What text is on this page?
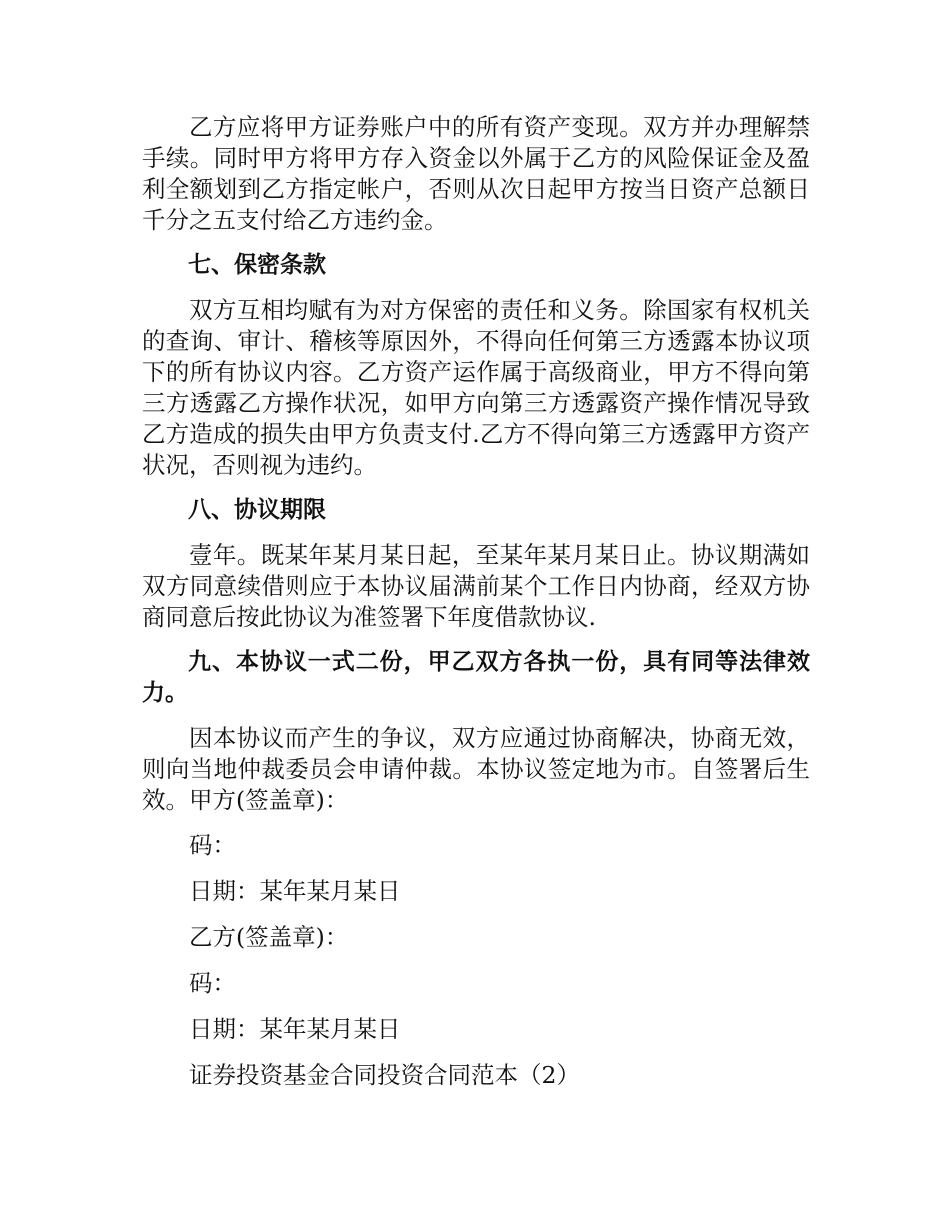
乙方应将甲方证券账户中的所有资产变现。双方并办理解禁手续。同时甲方将甲方存入资金以外属于乙方的风险保证金及盈利全额划到乙方指定帐户，否则从次日起甲方按当日资产总额日千分之五支付给乙方违约金。

七、保密条款

双方互相均赋有为对方保密的责任和义务。除国家有权机关的查询、审计、稽核等原因外，不得向任何第三方透露本协议项下的所有协议内容。乙方资产运作属于高级商业，甲方不得向第三方透露乙方操作状况，如甲方向第三方透露资产操作情况导致乙方造成的损失由甲方负责支付.乙方不得向第三方透露甲方资产状况，否则视为违约。

八、协议期限

壹年。既某年某月某日起，至某年某月某日止。协议期满如双方同意续借则应于本协议届满前某个工作日内协商，经双方协商同意后按此协议为准签署下年度借款协议.

九、本协议一式二份，甲乙双方各执一份，具有同等法律效力。

因本协议而产生的争议，双方应通过协商解决，协商无效，则向当地仲裁委员会申请仲裁。本协议签定地为市。自签署后生效。甲方(签盖章)：

码：

日期：某年某月某日

乙方(签盖章)：

码：

日期：某年某月某日

证券投资基金合同投资合同范本（2）
